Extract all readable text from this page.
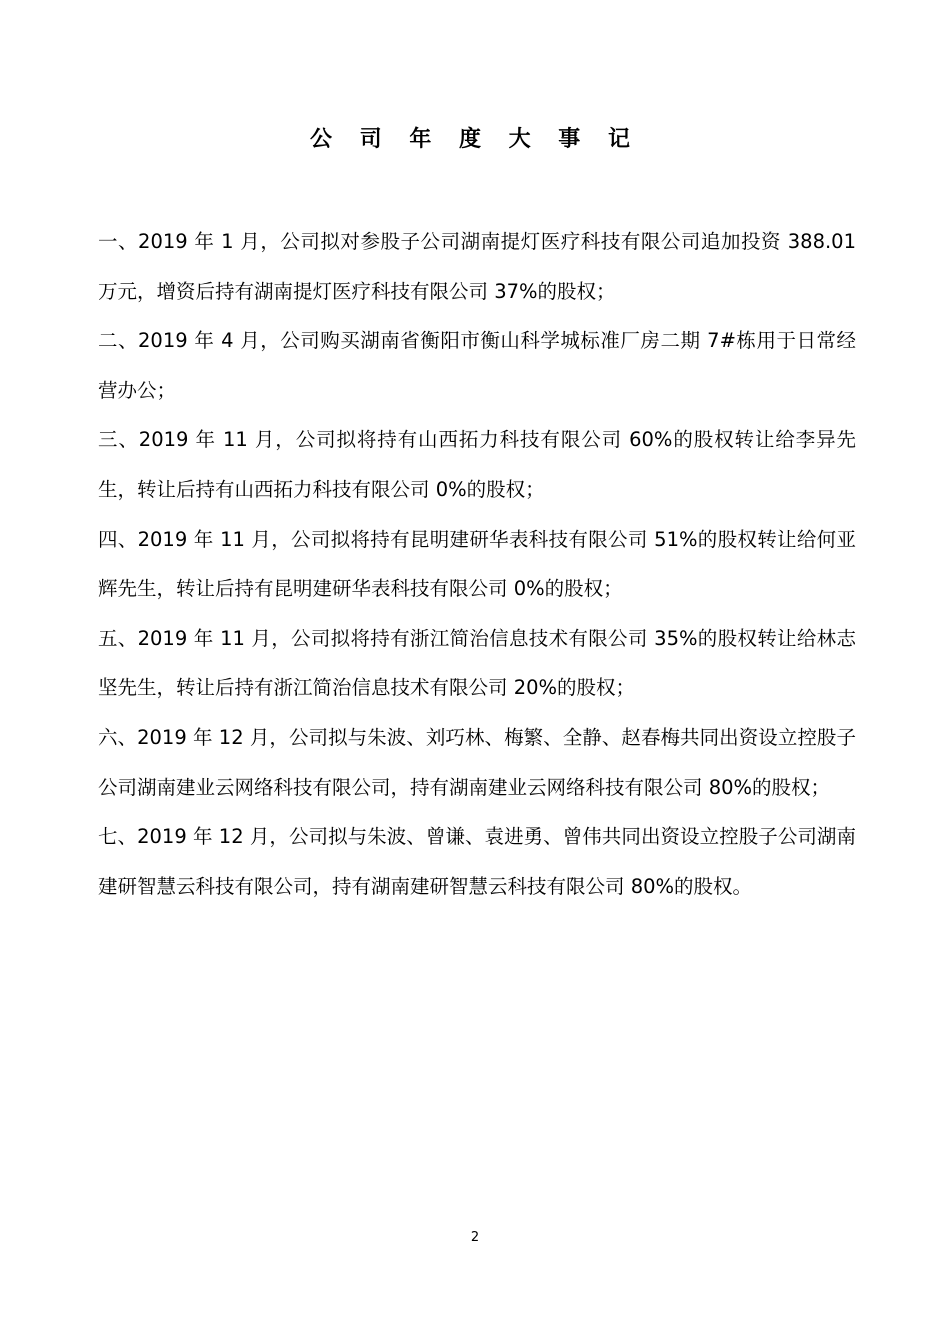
公 司 年 度 大 事 记
一、2019 年 1 月，公司拟对参股子公司湖南提灯医疗科技有限公司追加投资 388.01 万元，增资后持有湖南提灯医疗科技有限公司 37%的股权；
二、2019 年 4 月，公司购买湖南省衡阳市衡山科学城标准厂房二期 7#栋用于日常经营办公；
三、2019 年 11 月，公司拟将持有山西拓力科技有限公司 60%的股权转让给李异先生，转让后持有山西拓力科技有限公司 0%的股权；
四、2019 年 11 月，公司拟将持有昆明建研华表科技有限公司 51%的股权转让给何亚辉先生，转让后持有昆明建研华表科技有限公司 0%的股权；
五、2019 年 11 月，公司拟将持有浙江简治信息技术有限公司 35%的股权转让给林志坚先生，转让后持有浙江简治信息技术有限公司 20%的股权；
六、2019 年 12 月，公司拟与朱波、刘巧林、梅繁、全静、赵春梅共同出资设立控股子公司湖南建业云网络科技有限公司，持有湖南建业云网络科技有限公司 80%的股权；
七、2019 年 12 月，公司拟与朱波、曾谦、袁进勇、曾伟共同出资设立控股子公司湖南建研智慧云科技有限公司，持有湖南建研智慧云科技有限公司 80%的股权。
2
